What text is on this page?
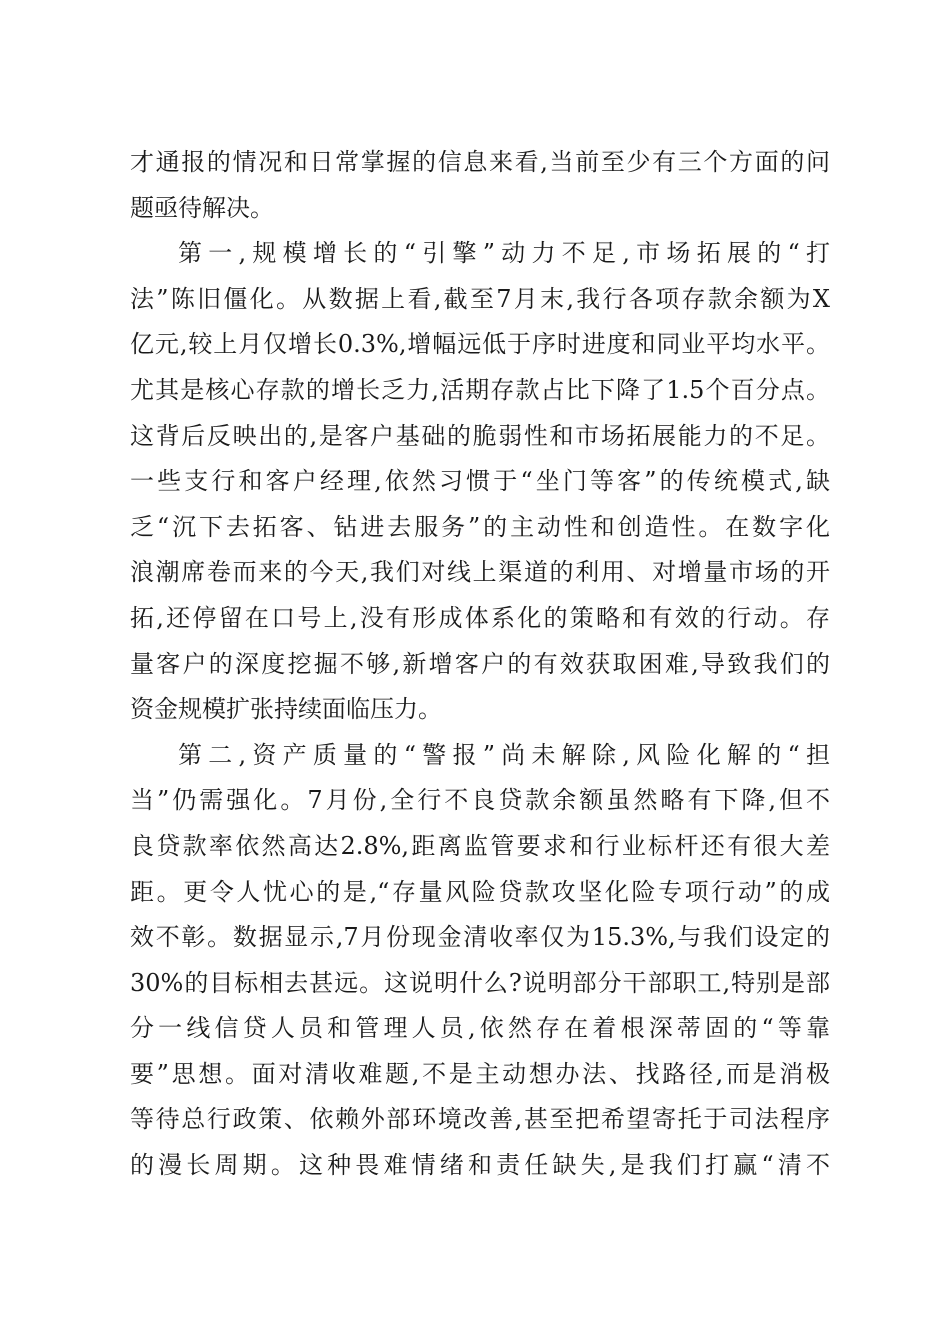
才通报的情况和日常掌握的信息来看,当前至少有三个方面的问
题亟待解决。
第一,规模增长的“引擎”动力不足,市场拓展的“打
法”陈旧僵化。从数据上看,截至7月末,我行各项存款余额为X
亿元,较上月仅增长0.3%,增幅远低于序时进度和同业平均水平。
尤其是核心存款的增长乏力,活期存款占比下降了1.5个百分点。
这背后反映出的,是客户基础的脆弱性和市场拓展能力的不足。
一些支行和客户经理,依然习惯于“坐门等客”的传统模式,缺
乏“沉下去拓客、钻进去服务”的主动性和创造性。在数字化
浪潮席卷而来的今天,我们对线上渠道的利用、对增量市场的开
拓,还停留在口号上,没有形成体系化的策略和有效的行动。存
量客户的深度挖掘不够,新增客户的有效获取困难,导致我们的
资金规模扩张持续面临压力。
第二,资产质量的“警报”尚未解除,风险化解的“担
当”仍需强化。7月份,全行不良贷款余额虽然略有下降,但不
良贷款率依然高达2.8%,距离监管要求和行业标杆还有很大差
距。更令人忧心的是,“存量风险贷款攻坚化险专项行动”的成
效不彰。数据显示,7月份现金清收率仅为15.3%,与我们设定的
30%的目标相去甚远。这说明什么?说明部分干部职工,特别是部
分一线信贷人员和管理人员,依然存在着根深蒂固的“等靠
要”思想。面对清收难题,不是主动想办法、找路径,而是消极
等待总行政策、依赖外部环境改善,甚至把希望寄托于司法程序
的漫长周期。这种畏难情绪和责任缺失,是我们打赢“清不
